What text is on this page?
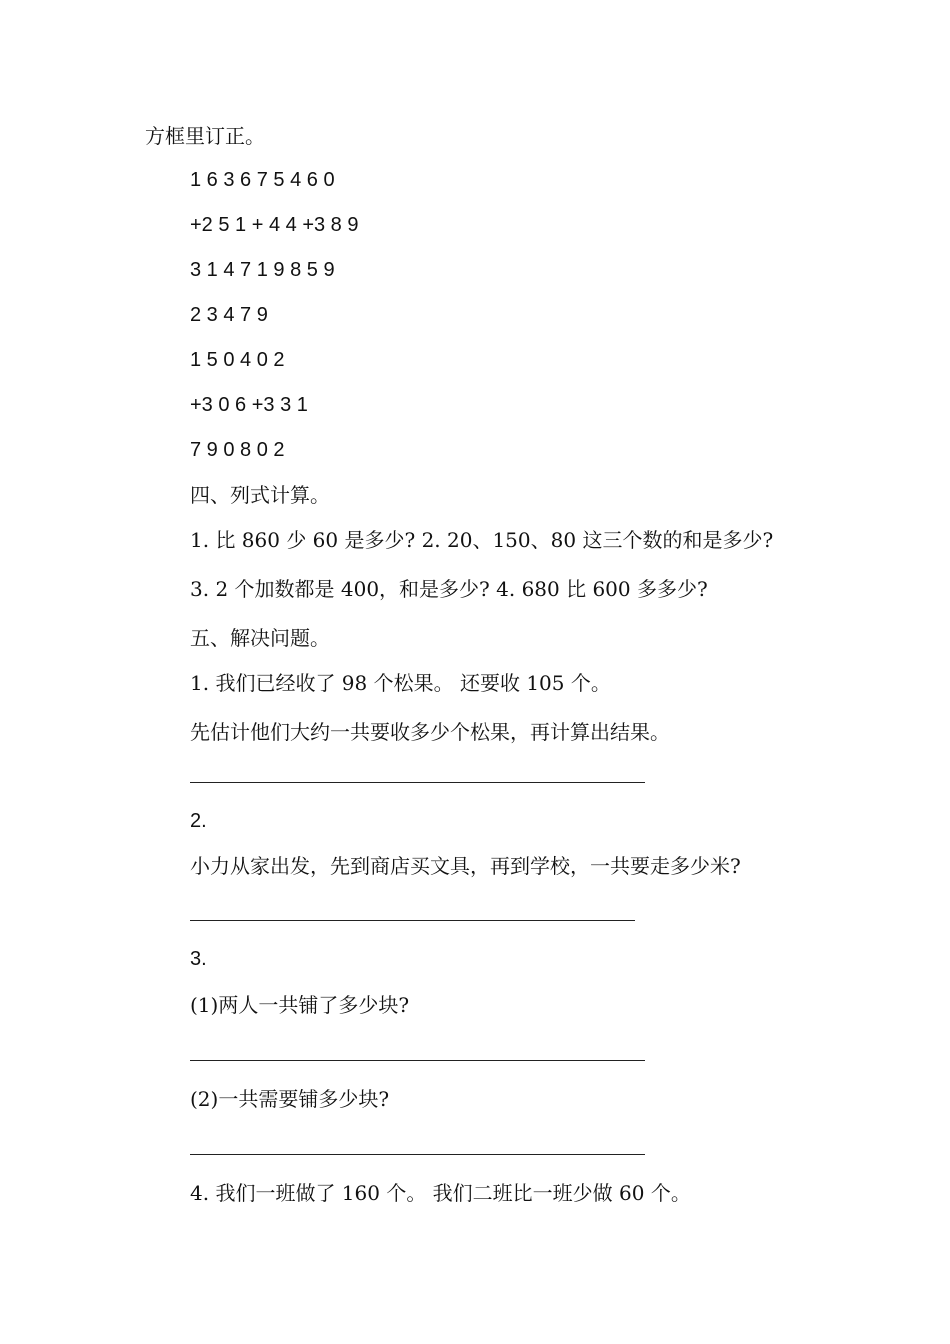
方框里订正。
1 6 3 6 7 5 4 6 0
+2 5 1 + 4 4 +3 8 9
3 1 4 7 1 9 8 5 9
2 3 4 7 9
1 5 0 4 0 2
+3 0 6 +3 3 1
7 9 0 8 0 2
四、列式计算。
1. 比 860 少 60 是多少? 2. 20、150、80 这三个数的和是多少?
3. 2 个加数都是 400，和是多少? 4. 680 比 600 多多少?
五、解决问题。
1. 我们已经收了 98 个松果。 还要收 105 个。
先估计他们大约一共要收多少个松果，再计算出结果。
2.
小力从家出发，先到商店买文具，再到学校，一共要走多少米?
3.
(1)两人一共铺了多少块?
(2)一共需要铺多少块?
4. 我们一班做了 160 个。 我们二班比一班少做 60 个。
